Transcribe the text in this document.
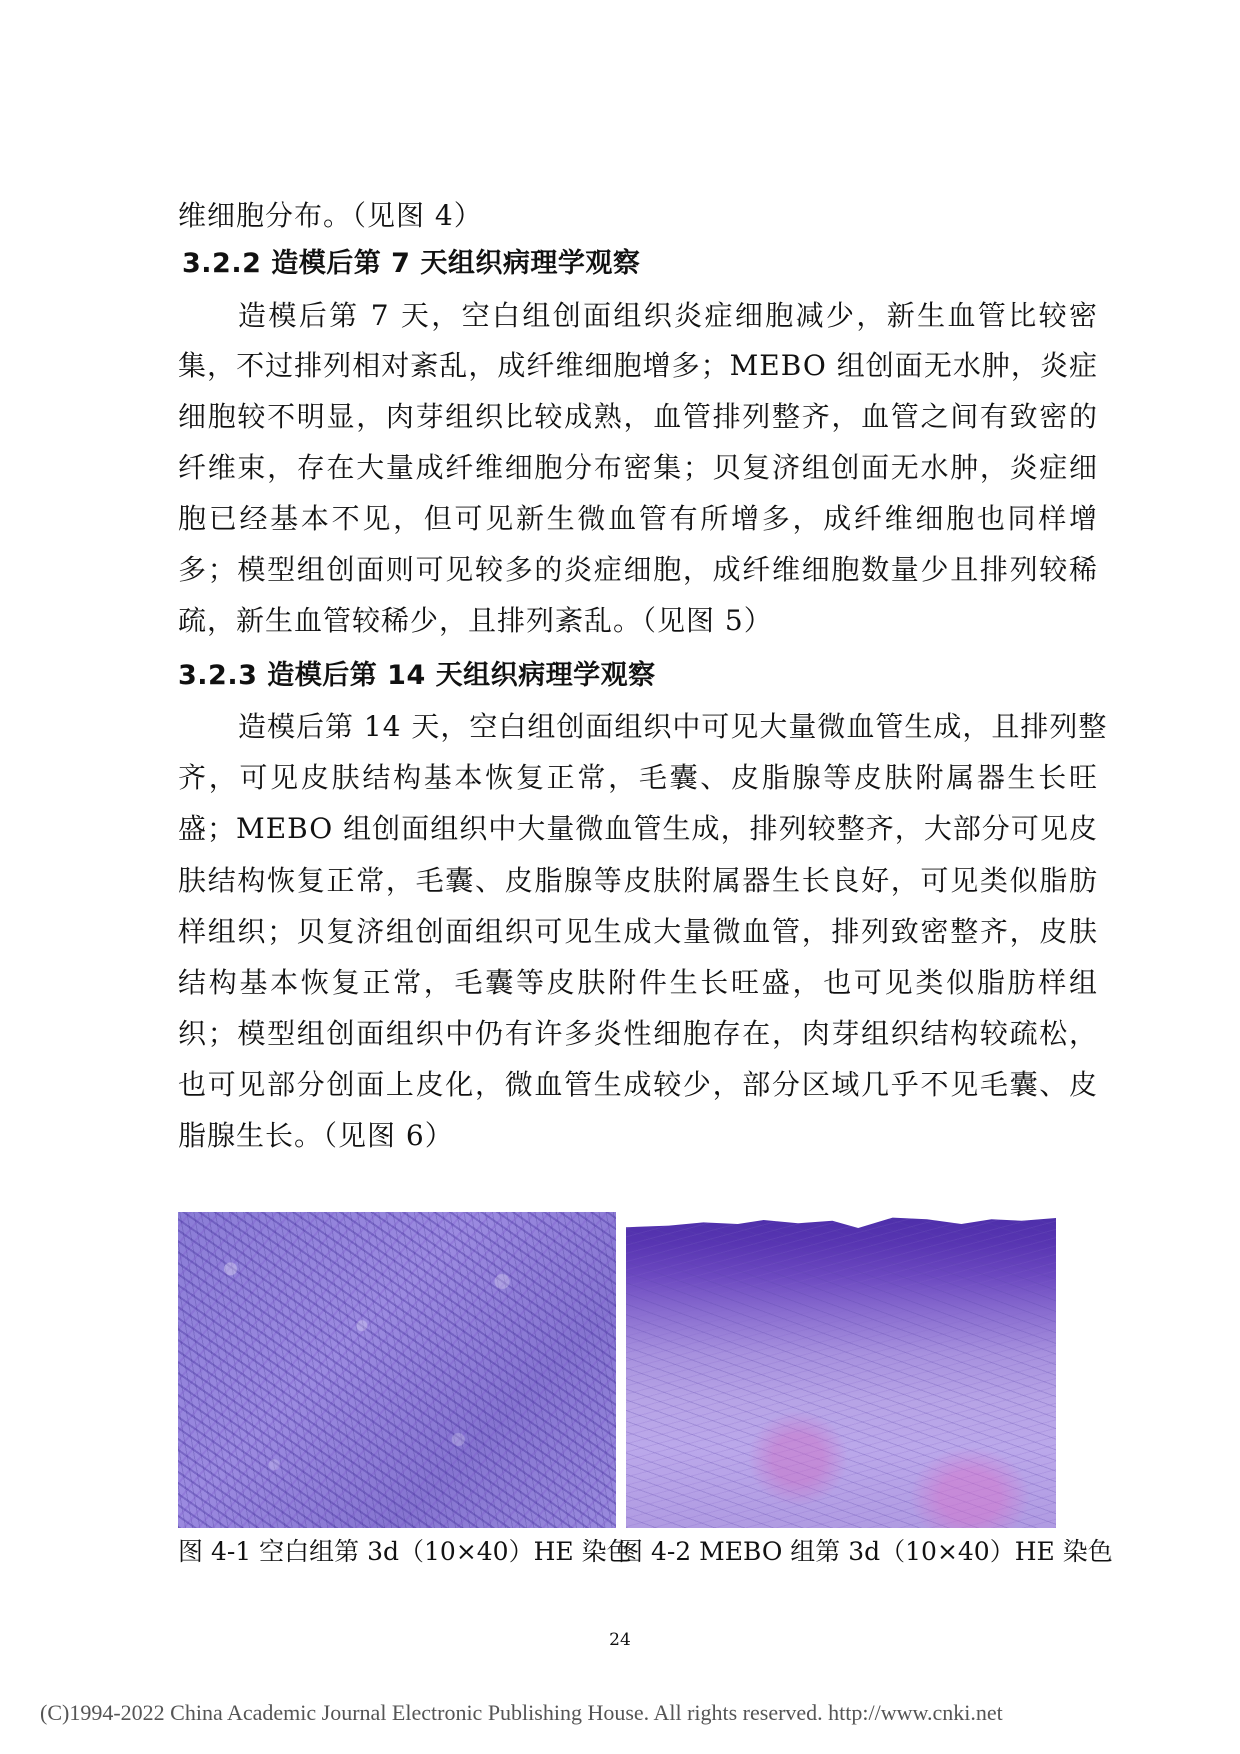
维细胞分布。（见图 4）
3.2.2 造模后第 7 天组织病理学观察
造模后第 7 天，空白组创面组织炎症细胞减少，新生血管比较密
集，不过排列相对紊乱，成纤维细胞增多；MEBO 组创面无水肿，炎症
细胞较不明显，肉芽组织比较成熟，血管排列整齐，血管之间有致密的
纤维束，存在大量成纤维细胞分布密集；贝复济组创面无水肿，炎症细
胞已经基本不见，但可见新生微血管有所增多，成纤维细胞也同样增
多；模型组创面则可见较多的炎症细胞，成纤维细胞数量少且排列较稀
疏，新生血管较稀少，且排列紊乱。（见图 5）
3.2.3 造模后第 14 天组织病理学观察
造模后第 14 天，空白组创面组织中可见大量微血管生成，且排列整
齐，可见皮肤结构基本恢复正常，毛囊、皮脂腺等皮肤附属器生长旺
盛；MEBO 组创面组织中大量微血管生成，排列较整齐，大部分可见皮
肤结构恢复正常，毛囊、皮脂腺等皮肤附属器生长良好，可见类似脂肪
样组织；贝复济组创面组织可见生成大量微血管，排列致密整齐，皮肤
结构基本恢复正常，毛囊等皮肤附件生长旺盛，也可见类似脂肪样组
织；模型组创面组织中仍有许多炎性细胞存在，肉芽组织结构较疏松，
也可见部分创面上皮化，微血管生成较少，部分区域几乎不见毛囊、皮
脂腺生长。（见图 6）
图 4-1 空白组第 3d（10×40）HE 染色
图 4-2 MEBO 组第 3d（10×40）HE 染色
24
(C)1994-2022 China Academic Journal Electronic Publishing House. All rights reserved. http://www.cnki.net
